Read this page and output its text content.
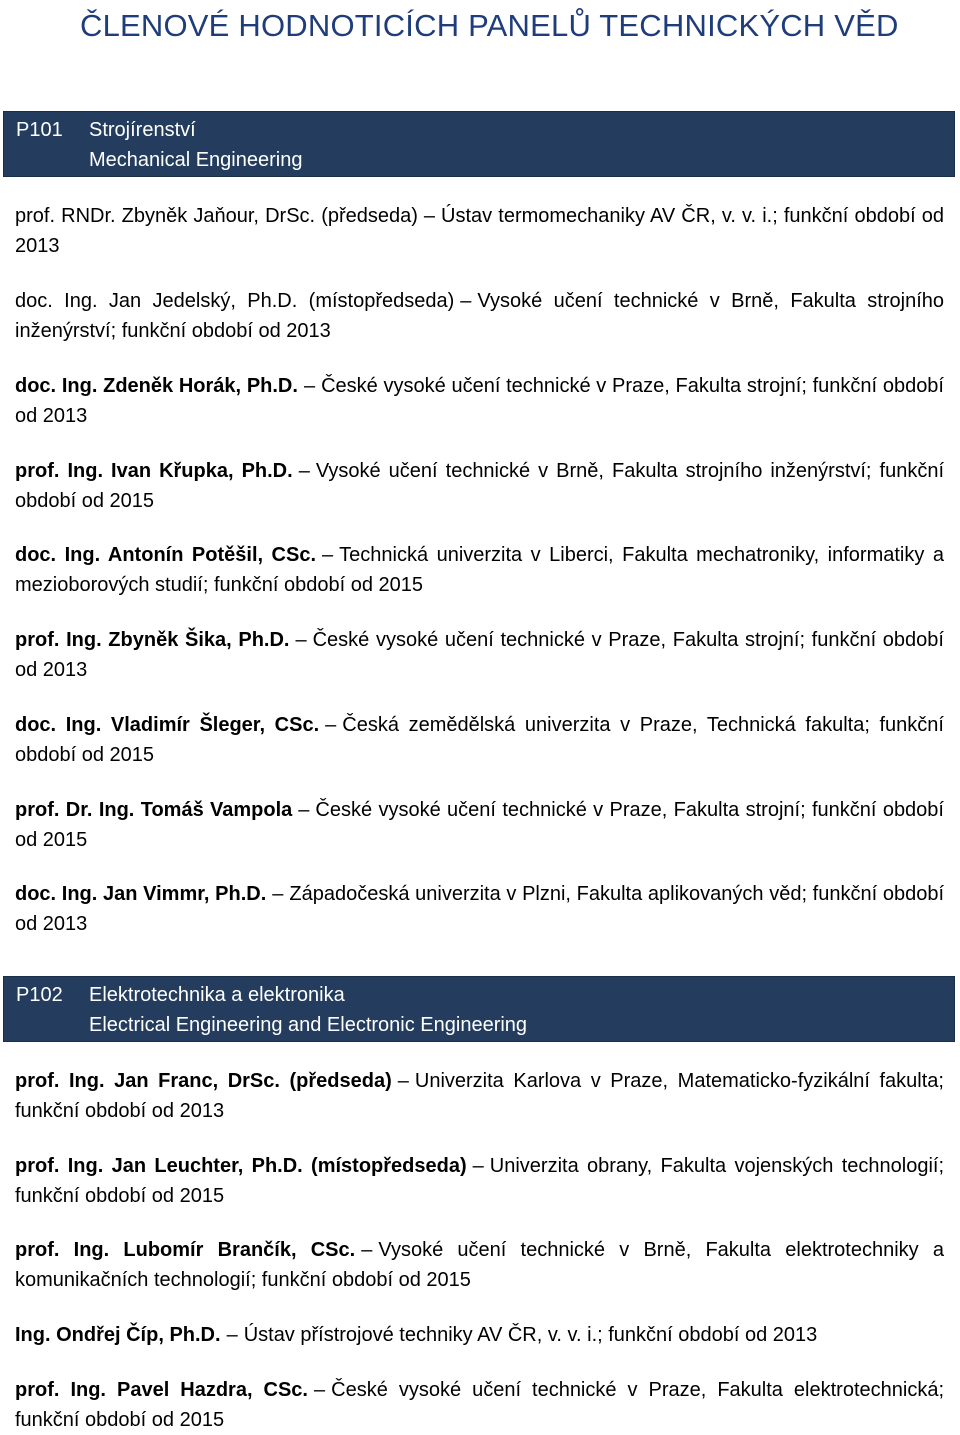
ČLENOVÉ HODNOTICÍCH PANELŮ TECHNICKÝCH VĚD
P101 Strojírenství
Mechanical Engineering
prof. RNDr. Zbyněk Jaňour, DrSc. (předseda) – Ústav termomechaniky AV ČR, v. v. i.; funkční období od 2013
doc. Ing. Jan Jedelský, Ph.D. (místopředseda) – Vysoké učení technické v Brně, Fakulta strojního inženýrství; funkční období od 2013
doc. Ing. Zdeněk Horák, Ph.D. – České vysoké učení technické v Praze, Fakulta strojní; funkční období od 2013
prof. Ing. Ivan Křupka, Ph.D. – Vysoké učení technické v Brně, Fakulta strojního inženýrství; funkční období od 2015
doc. Ing. Antonín Potěšil, CSc. – Technická univerzita v Liberci, Fakulta mechatroniky, informatiky a mezioborových studií; funkční období od 2015
prof. Ing. Zbyněk Šika, Ph.D. – České vysoké učení technické v Praze, Fakulta strojní; funkční období od 2013
doc. Ing. Vladimír Šleger, CSc. – Česká zemědělská univerzita v Praze, Technická fakulta; funkční období od 2015
prof. Dr. Ing. Tomáš Vampola – České vysoké učení technické v Praze, Fakulta strojní; funkční období od 2015
doc. Ing. Jan Vimmr, Ph.D. – Západočeská univerzita v Plzni, Fakulta aplikovaných věd; funkční období od 2013
P102 Elektrotechnika a elektronika
Electrical Engineering and Electronic Engineering
prof. Ing. Jan Franc, DrSc. (předseda) – Univerzita Karlova v Praze, Matematicko-fyzikální fakulta; funkční období od 2013
prof. Ing. Jan Leuchter, Ph.D. (místopředseda) – Univerzita obrany, Fakulta vojenských technologií; funkční období od 2015
prof. Ing. Lubomír Brančík, CSc. – Vysoké učení technické v Brně, Fakulta elektrotechniky a komunikačních technologií; funkční období od 2015
Ing. Ondřej Číp, Ph.D. – Ústav přístrojové techniky AV ČR, v. v. i.; funkční období od 2013
prof. Ing. Pavel Hazdra, CSc. – České vysoké učení technické v Praze, Fakulta elektrotechnická; funkční období od 2015
